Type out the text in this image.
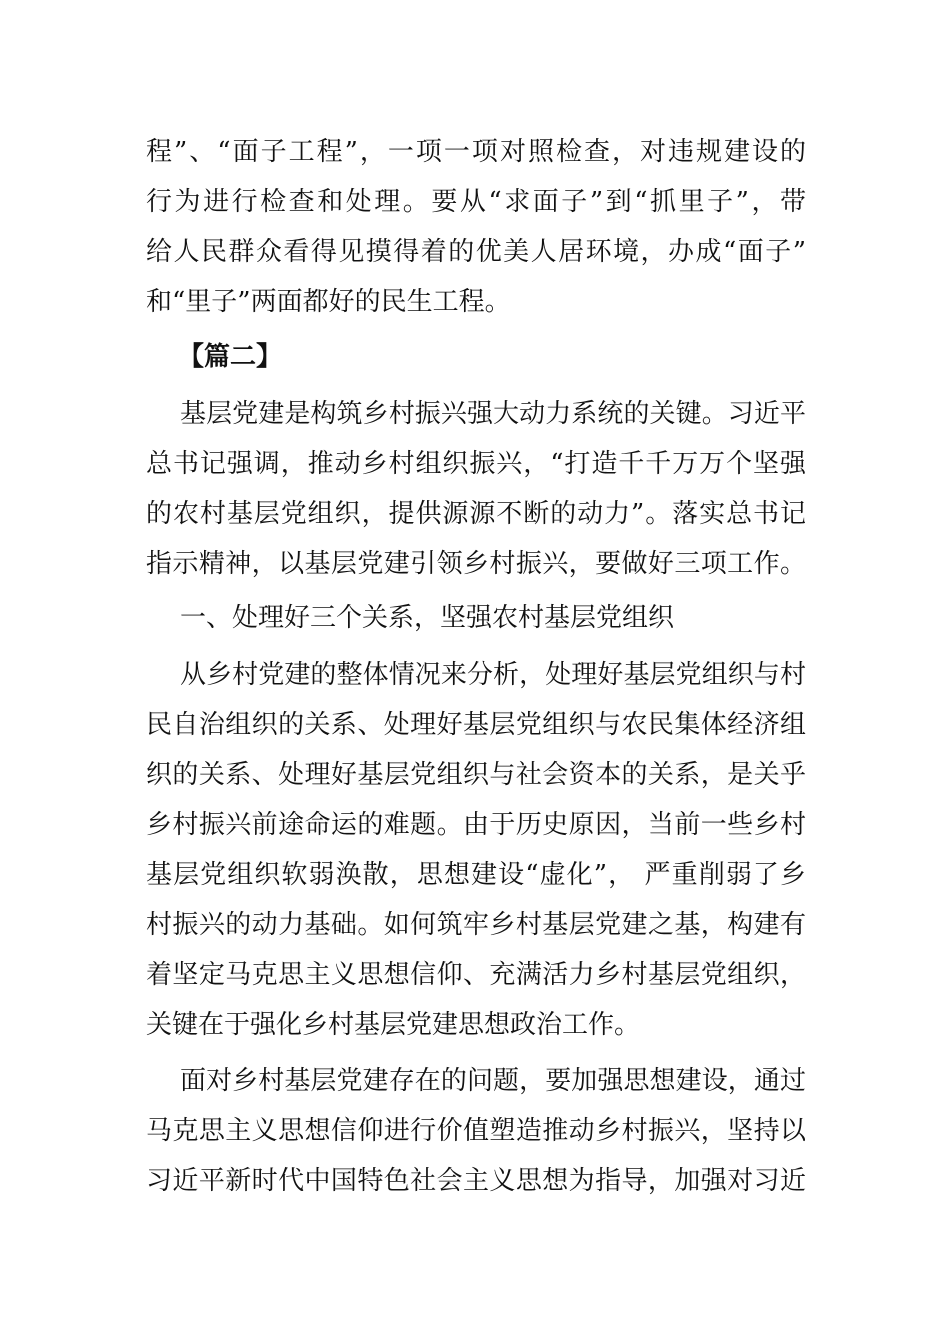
程”、“面子工程”，一项一项对照检查，对违规建设的
行为进行检查和处理。要从“求面子”到“抓里子”，带
给人民群众看得见摸得着的优美人居环境，办成“面子”
和“里子”两面都好的民生工程。
【篇二】
基层党建是构筑乡村振兴强大动力系统的关键。习近平
总书记强调，推动乡村组织振兴，“打造千千万万个坚强
的农村基层党组织，提供源源不断的动力”。落实总书记
指示精神，以基层党建引领乡村振兴，要做好三项工作。
一、处理好三个关系，坚强农村基层党组织
从乡村党建的整体情况来分析，处理好基层党组织与村
民自治组织的关系、处理好基层党组织与农民集体经济组
织的关系、处理好基层党组织与社会资本的关系，是关乎
乡村振兴前途命运的难题。由于历史原因，当前一些乡村
基层党组织软弱涣散，思想建设“虚化”， 严重削弱了乡
村振兴的动力基础。如何筑牢乡村基层党建之基，构建有
着坚定马克思主义思想信仰、充满活力乡村基层党组织，
关键在于强化乡村基层党建思想政治工作。
面对乡村基层党建存在的问题，要加强思想建设，通过
马克思主义思想信仰进行价值塑造推动乡村振兴，坚持以
习近平新时代中国特色社会主义思想为指导，加强对习近
